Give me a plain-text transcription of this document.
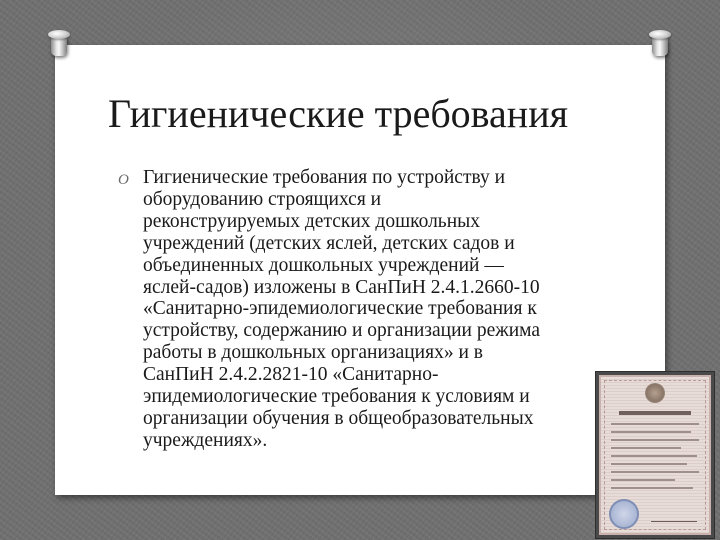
Гигиенические требования
O Гигиенические требования по устройству и
оборудованию строящихся и
реконструируемых детских дошкольных
учреждений (детских яслей, детских садов и
объединенных дошкольных учреждений —
яслей-садов) изложены в СанПиН 2.4.1.2660-10
«Санитарно-эпидемиологические требования к
устройству, содержанию и организации режима
работы в дошкольных организациях» и в
СанПиН 2.4.2.2821-10 «Санитарно-
эпидемиологические требования к условиям и
организации обучения в общеобразовательных
учреждениях».
